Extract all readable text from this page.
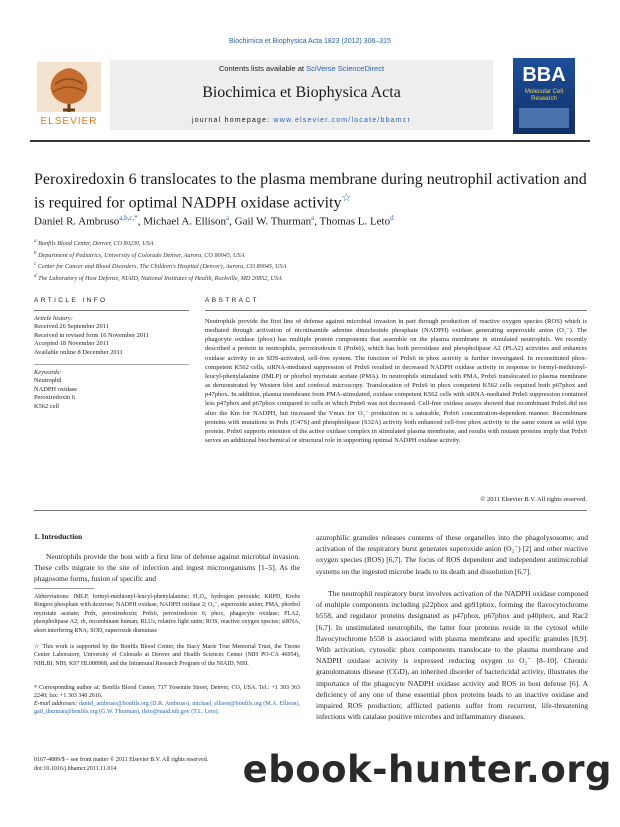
Biochimica et Biophysica Acta 1823 (2012) 306–315
ELSEVIER
Contents lists available at SciVerse ScienceDirect
Biochimica et Biophysica Acta
journal homepage: www.elsevier.com/locate/bbamcr
BBA
Molecular Cell Research
Peroxiredoxin 6 translocates to the plasma membrane during neutrophil activation and is required for optimal NADPH oxidase activity☆
Daniel R. Ambruso$^{a,b,c,*}$, Michael A. Ellison$^a$, Gail W. Thurman$^a$, Thomas L. Leto$^d$
$^a$ Bonfils Blood Center, Denver, CO 80230, USA
$^b$ Department of Pediatrics, University of Colorado Denver, Aurora, CO 80045, USA
$^c$ Center for Cancer and Blood Disorders, The Children's Hospital (Denver), Aurora, CO 80045, USA
$^d$ The Laboratory of Host Defense, NIAID, National Institutes of Health, Rockville, MD 20852, USA
ARTICLE INFO
Article history:
Received 26 September 2011
Received in revised form 16 November 2011
Accepted 18 November 2011
Available online 8 December 2011
Keywords:
Neutrophil
NADPH oxidase
Peroxiredoxin 6
K562 cell
ABSTRACT
Neutrophils provide the first line of defense against microbial invasion in part through production of reactive oxygen species (ROS) which is mediated through activation of nicotinamide adenine dinucleotide phosphate (NADPH) oxidase generating superoxide anion (O₂⁻). The phagocyte oxidase (phox) has multiple protein components that assemble on the plasma membrane in stimulated neutrophils. We recently described a protein in neutrophils, peroxiredoxin 6 (Prdx6), which has both peroxidase and phospholipase A2 (PLA2) activities and enhances oxidase activity in an SDS-activated, cell-free system. The function of Prdx6 in phox activity is further investigated. In reconstituted phox-competent K562 cells, siRNA-mediated suppression of Prdx6 resulted in decreased NADPH oxidase activity in response to formyl-methionyl-leucyl-phenylalanine (fMLP) or phorbol myristate acetate (PMA). In neutrophils stimulated with PMA, Prdx6 translocated to plasma membrane as demonstrated by Western blot and confocal microscopy. Translocation of Prdx6 in phox competent K562 cells required both p67phox and p47phox. In addition, plasma membrane from PMA-stimulated, oxidase competent K562 cells with siRNA-mediated Prdx6 suppression contained less p47phox and p67phox compared to cells in which Prdx6 was not decreased. Cell-free oxidase assays showed that recombinant Prdx6 did not alter the Km for NADPH, but increased the Vmax for O₂⁻ production in a saturable, Prdx6 concentration-dependent manner. Recombinant proteins with mutations in Prdx (C47S) and phospholipase (S32A) activity both enhanced cell-free phox activity to the same extent as wild type protein. Prdx6 supports retention of the active oxidase complex in stimulated plasma membrane, and results with mutant proteins imply that Prdx6 serves an additional biochemical or structural role in supporting optimal NADPH oxidase activity.
© 2011 Elsevier B.V. All rights reserved.
1. Introduction
Neutrophils provide the host with a first line of defense against microbial invasion. These cells migrate to the site of infection and ingest microorganisms [1–5]. As the phagosome forms, fusion of specific and
Abbreviations: fMLP, formyl-methionyl-leucyl-phenylalanine; H₂O₂, hydrogen peroxide; KRPD, Krebs Ringers phosphate with dextrose; NADPH oxidase, NADPH oxidase 2; O₂⁻, superoxide anion; PMA, phorbol myristate acetate; Prdx, peroxiredoxin; Prdx6, peroxiredoxin 6; phox, phagocyte oxidase; PLA2, phospholipase A2; rh, recombinant human; RLUs, relative light units; ROS, reactive oxygen species; siRNA, short interfering RNA; SOD, superoxide dismutase
☆ This work is supported by the Bonfils Blood Center, the Stacy Marie True Memorial Trust, the Tisone Center Laboratory, University of Colorado at Denver and Health Sciences Center (NIH PO-CA 46954), NHLBI, NIH, K07 HL088968, and the Intramural Research Program of the NIAID, NIH.
* Corresponding author at: Bonfils Blood Center, 717 Yosemite Street, Denver, CO, USA. Tel.: +1 303 363 2240; fax: +1 303 340 2616.
E-mail addresses: daniel_ambruso@bonfils.org (D.R. Ambruso), michael_ellison@bonfils.org (M.A. Ellison), gail_thurman@bonfils.org (G.W. Thurman), tleto@niaid.nih.gov (T.L. Leto).
0167-4889/$ – see front matter © 2011 Elsevier B.V. All rights reserved.
doi:10.1016/j.bbamcr.2011.11.014
azurophilic granules releases contents of these organelles into the phagolysosome; and activation of the respiratory burst generates superoxide anion (O₂⁻) [2] and other reactive oxygen species (ROS) [6,7]. The focus of ROS dependent and independent antimicrobial systems on the ingested microbe leads to its death and dissolution [6,7].
The neutrophil respiratory burst involves activation of the NADPH oxidase composed of multiple components including p22phox and gp91phox, forming the flavocytochrome b558, and regulator proteins designated as p47phox, p67phox and p40phox, and Rac2 [6,7]. In unstimulated neutrophils, the latter four proteins reside in the cytosol while flavocytochrome b558 is associated with plasma membrane and specific granules [8,9]. With activation, cytosolic phox components translocate to the plasma membrane and NADPH oxidase activity is expressed reducing oxygen to O₂⁻ [8–10]. Chronic granulomatous disease (CGD), an inherited disorder of bactericidal activity, illustrates the importance of the phagocyte NADPH oxidase activity and ROS in host defense [6]. A deficiency of any one of these essential phox proteins leads to an inactive oxidase and impaired ROS production; afflicted patients suffer from recurrent, life-threatening infections with catalase positive microbes and inflammatory diseases.
ebook-hunter.org
